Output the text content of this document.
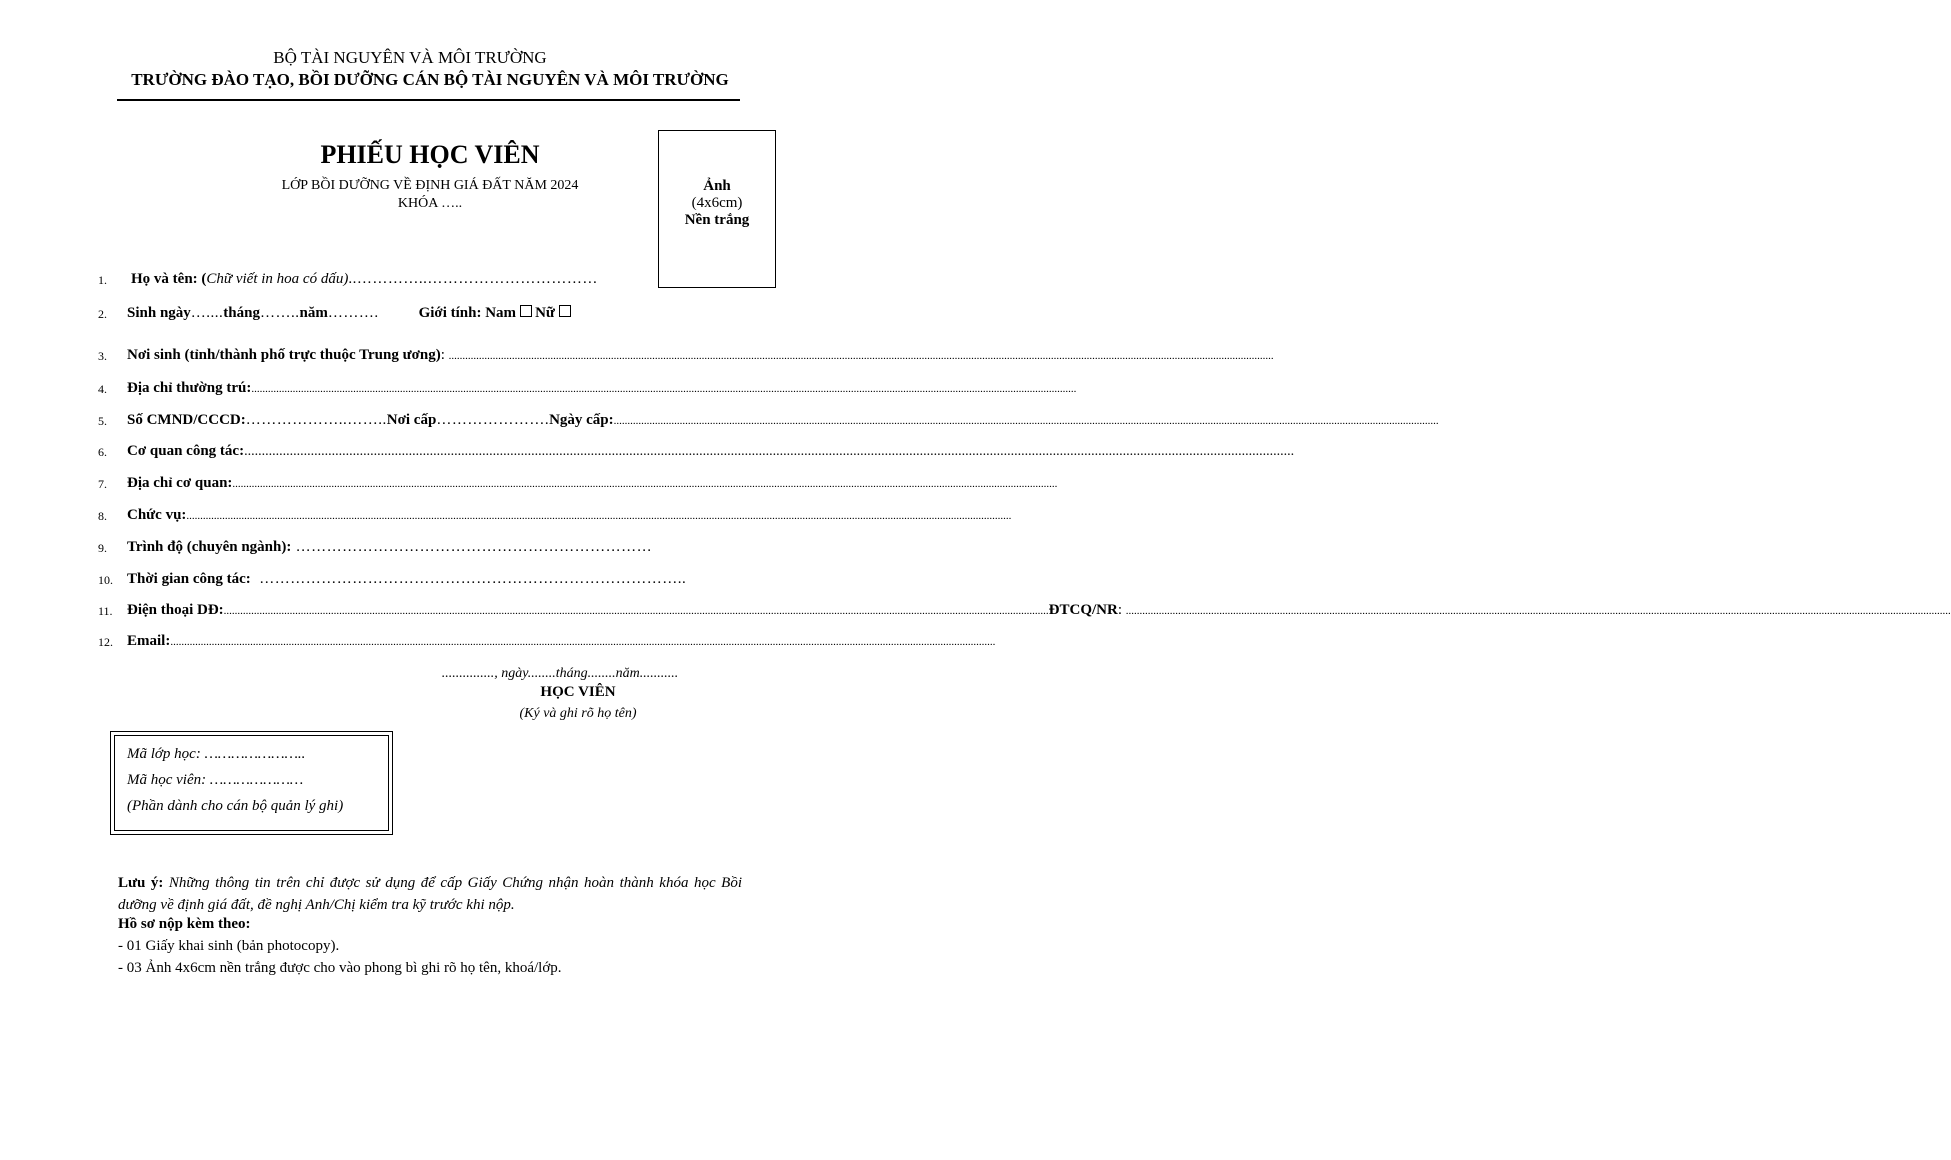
BỘ TÀI NGUYÊN VÀ MÔI TRƯỜNG
TRƯỜNG ĐÀO TẠO, BỒI DƯỠNG CÁN BỘ TÀI NGUYÊN VÀ MÔI TRƯỜNG
PHIẾU HỌC VIÊN
LỚP BỒI DƯỠNG VỀ ĐỊNH GIÁ ĐẤT NĂM 2024
KHÓA …..
Ảnh
(4x6cm)
Nền trắng
1. Họ và tên: ( Chữ viết in hoa có dấu) ..…………..……………………………
2. Sinh ngày ….... tháng …….. năm ……….	Giới tính: Nam Nữ
3. Nơi sinh (tỉnh/thành phố trực thuộc Trung ương) : ............................................................................................................................................................................................................................................................................................................
4. Địa chỉ thường trú: ............................................................................................................................................................................................................................................................................................................
5. Số CMND/CCCD: ………………..…….. Nơi cấp …………………. Ngày cấp: ............................................................................................................................................................................................................................................................................................................
6. Cơ quan công tác: ............................................................................................................................................................................................................................................................................................................
7. Địa chỉ cơ quan: ............................................................................................................................................................................................................................................................................................................
8. Chức vụ: ............................................................................................................................................................................................................................................................................................................
9. Trình độ (chuyên ngành): ……………………………………………………………
10. Thời gian công tác: ………………………………………………………………………..
11. Điện thoại DĐ: ............................................................................................................................................................................................................................................................................................................ ĐTCQ/NR : ............................................................................................................................................................................................................................................................................................................
12. Email: ............................................................................................................................................................................................................................................................................................................
..............., ngày........tháng........năm...........
HỌC VIÊN
(Ký và ghi rõ họ tên)
Mã lớp học: …………………..
Mã học viên: …………………
(Phần dành cho cán bộ quản lý ghi)
Lưu ý: Những thông tin trên chỉ được sử dụng để cấp Giấy Chứng nhận hoàn thành khóa học Bồi dưỡng về định giá đất, đề nghị Anh/Chị kiểm tra kỹ trước khi nộp.
Hồ sơ nộp kèm theo:
- 01 Giấy khai sinh (bản photocopy).
- 03 Ảnh 4x6cm nền trắng được cho vào phong bì ghi rõ họ tên, khoá/lớp.
